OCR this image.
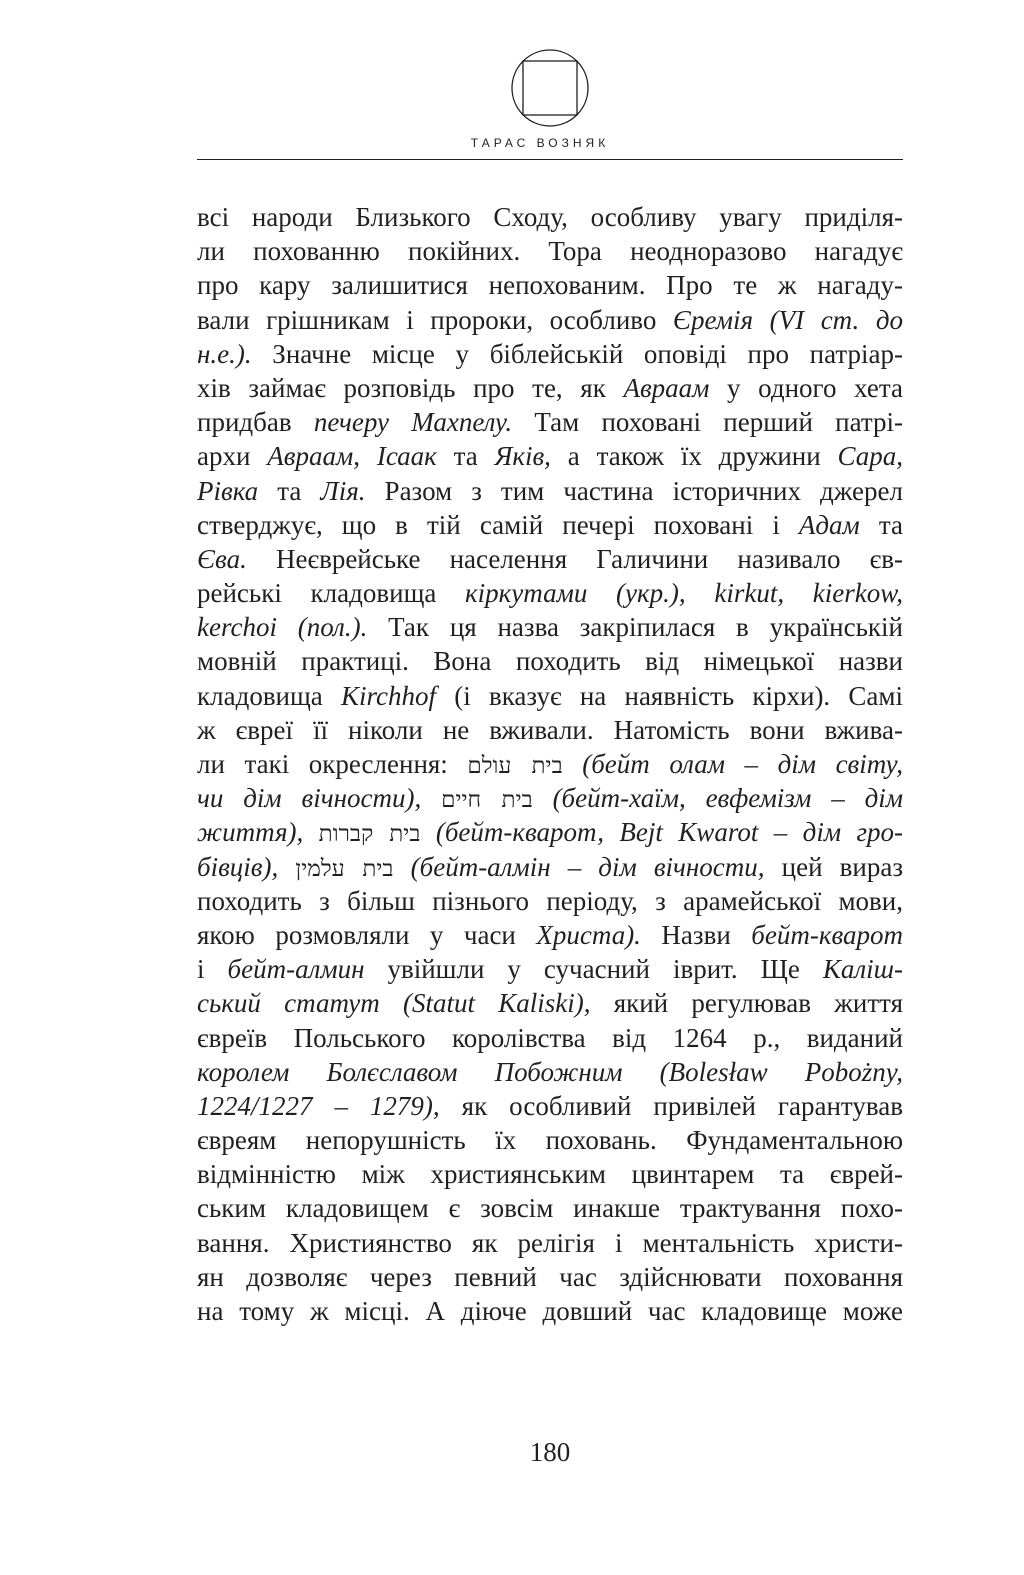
ТАРАС ВОЗНЯК
всі народи Близького Сходу, особливу увагу приділя-
ли похованню покійних. Тора неодноразово нагадує
про кару залишитися непохованим. Про те ж нагаду-
вали грішникам і пророки, особливо Єремія (VI ст. до
н.е.). Значне місце у біблейській оповіді про патріар-
хів займає розповідь про те, як Авраам у одного хета
придбав печеру Махпелу. Там поховані перший патрі-
архи Авраам, Ісаак та Яків, а також їх дружини Сара,
Рівка та Лія. Разом з тим частина історичних джерел
стверджує, що в тій самій печері поховані і Адам та
Єва. Неєврейське населення Галичини називало єв-
рейські кладовища кіркутами (укр.), kirkut, kierkow,
kerchoi (пол.). Так ця назва закріпилася в українській
мовній практиці. Вона походить від німецької назви
кладовища Kirchhof (і вказує на наявність кірхи). Самі
ж євреї її ніколи не вживали. Натомість вони вжива-
ли такі окреслення: בית עולם (бейт олам – дім світу,
чи дім вічности), בית חיים (бейт-хаїм, евфемізм – дім
життя), בית קברות (бейт-кварот, Bejt Kwarot – дім гро-
бівців), בית עלמין (бейт-алмін – дім вічности, цей вираз
походить з більш пізнього періоду, з арамейської мови,
якою розмовляли у часи Христа). Назви бейт-кварот
і бейт-алмин увійшли у сучасний іврит. Ще Каліш-
ський статут (Statut Kaliski), який регулював життя
євреїв Польського королівства від 1264 р., виданий
королем Болєславом Побожним (Bolesław Pobożny,
1224/1227 – 1279), як особливий привілей гарантував
євреям непорушність їх поховань. Фундаментальною
відмінністю між християнським цвинтарем та єврей-
ським кладовищем є зовсім инакше трактування похо-
вання. Християнство як релігія і ментальність христи-
ян дозволяє через певний час здійснювати поховання
на тому ж місці. А діюче довший час кладовище може
180
